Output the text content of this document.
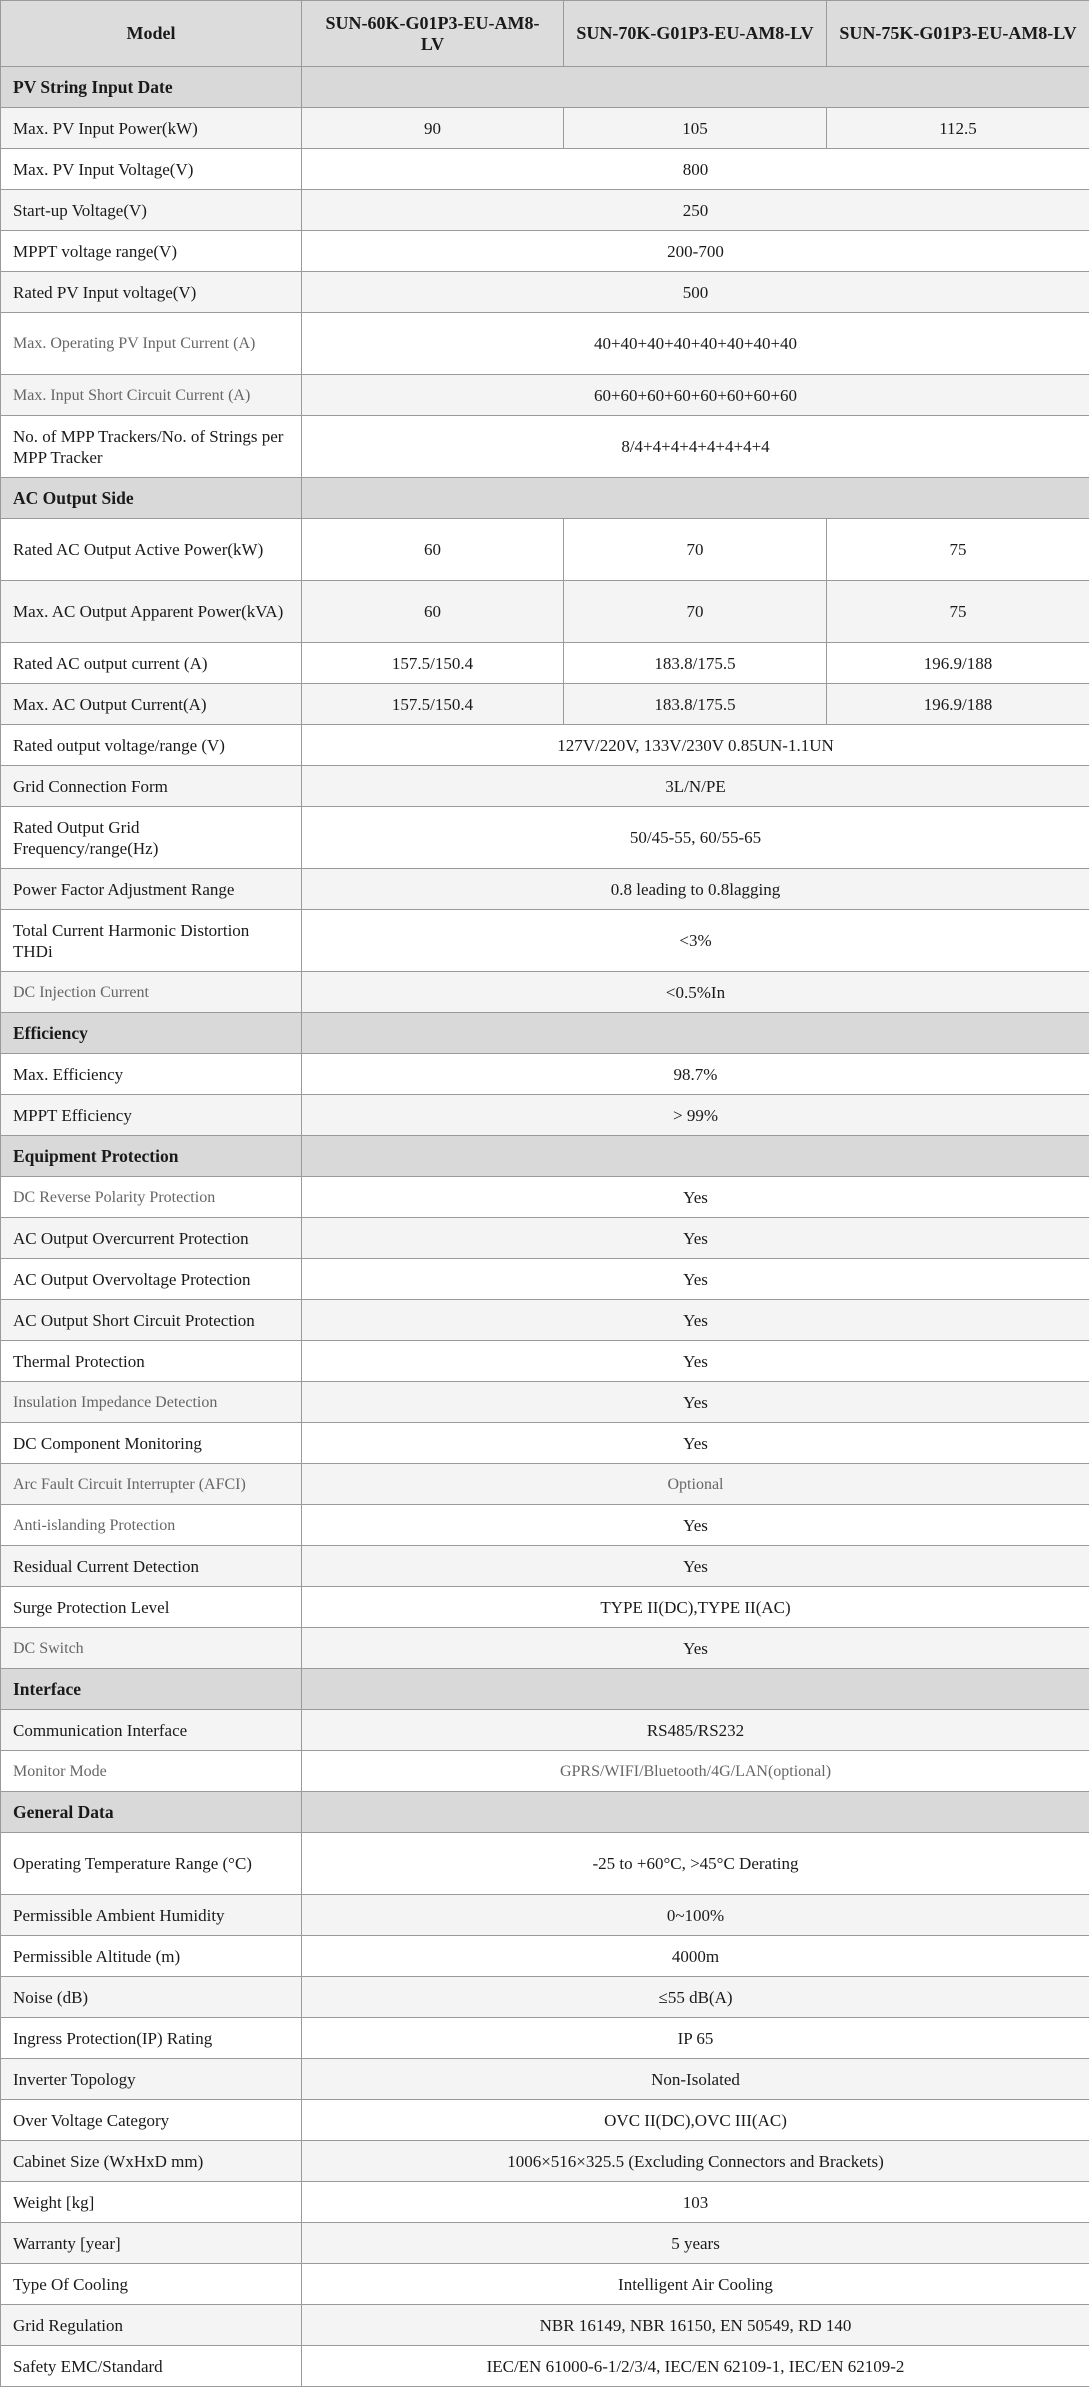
Model	SUN-60K-G01P3-EU-AM8-LV	SUN-70K-G01P3-EU-AM8-LV	SUN-75K-G01P3-EU-AM8-LV
PV String Input Date			
Max. PV Input Power(kW)	90	105	112.5
Max. PV Input Voltage(V)	800		
Start-up Voltage(V)	250		
MPPT voltage range(V)	200-700		
Rated PV Input voltage(V)	500		
Max. Operating PV Input Current (A)	40+40+40+40+40+40+40+40		
Max. Input Short Circuit Current (A)	60+60+60+60+60+60+60+60		
No. of MPP Trackers/No. of Strings per MPP Tracker	8/4+4+4+4+4+4+4+4		
AC Output Side			
Rated AC Output Active Power(kW)	60	70	75
Max. AC Output Apparent Power(kVA)	60	70	75
Rated AC output current (A)	157.5/150.4	183.8/175.5	196.9/188
Max. AC Output Current(A)	157.5/150.4	183.8/175.5	196.9/188
Rated output voltage/range (V)	127V/220V, 133V/230V 0.85UN-1.1UN		
Grid Connection Form	3L/N/PE		
Rated Output Grid Frequency/range(Hz)	50/45-55, 60/55-65		
Power Factor Adjustment Range	0.8 leading to 0.8lagging		
Total Current Harmonic Distortion THDi	<3%		
DC Injection Current	<0.5%In		
Efficiency			
Max. Efficiency	98.7%		
MPPT Efficiency	> 99%		
Equipment Protection			
DC Reverse Polarity Protection	Yes		
AC Output Overcurrent Protection	Yes		
AC Output Overvoltage Protection	Yes		
AC Output Short Circuit Protection	Yes		
Thermal Protection	Yes		
Insulation Impedance Detection	Yes		
DC Component Monitoring	Yes		
Arc Fault Circuit Interrupter (AFCI)	Optional		
Anti-islanding Protection	Yes		
Residual Current Detection	Yes		
Surge Protection Level	TYPE II(DC),TYPE II(AC)		
DC Switch	Yes		
Interface			
Communication Interface	RS485/RS232		
Monitor Mode	GPRS/WIFI/Bluetooth/4G/LAN(optional)		
General Data			
Operating Temperature Range (°C)	-25 to +60°C, >45°C Derating		
Permissible Ambient Humidity	0~100%		
Permissible Altitude (m)	4000m		
Noise (dB)	≤55 dB(A)		
Ingress Protection(IP) Rating	IP 65		
Inverter Topology	Non-Isolated		
Over Voltage Category	OVC II(DC),OVC III(AC)		
Cabinet Size (WxHxD mm)	1006×516×325.5 (Excluding Connectors and Brackets)		
Weight [kg]	103		
Warranty [year]	5 years		
Type Of Cooling	Intelligent Air Cooling		
Grid Regulation	NBR 16149, NBR 16150, EN 50549, RD 140		
Safety EMC/Standard	IEC/EN 61000-6-1/2/3/4, IEC/EN 62109-1, IEC/EN 62109-2		
